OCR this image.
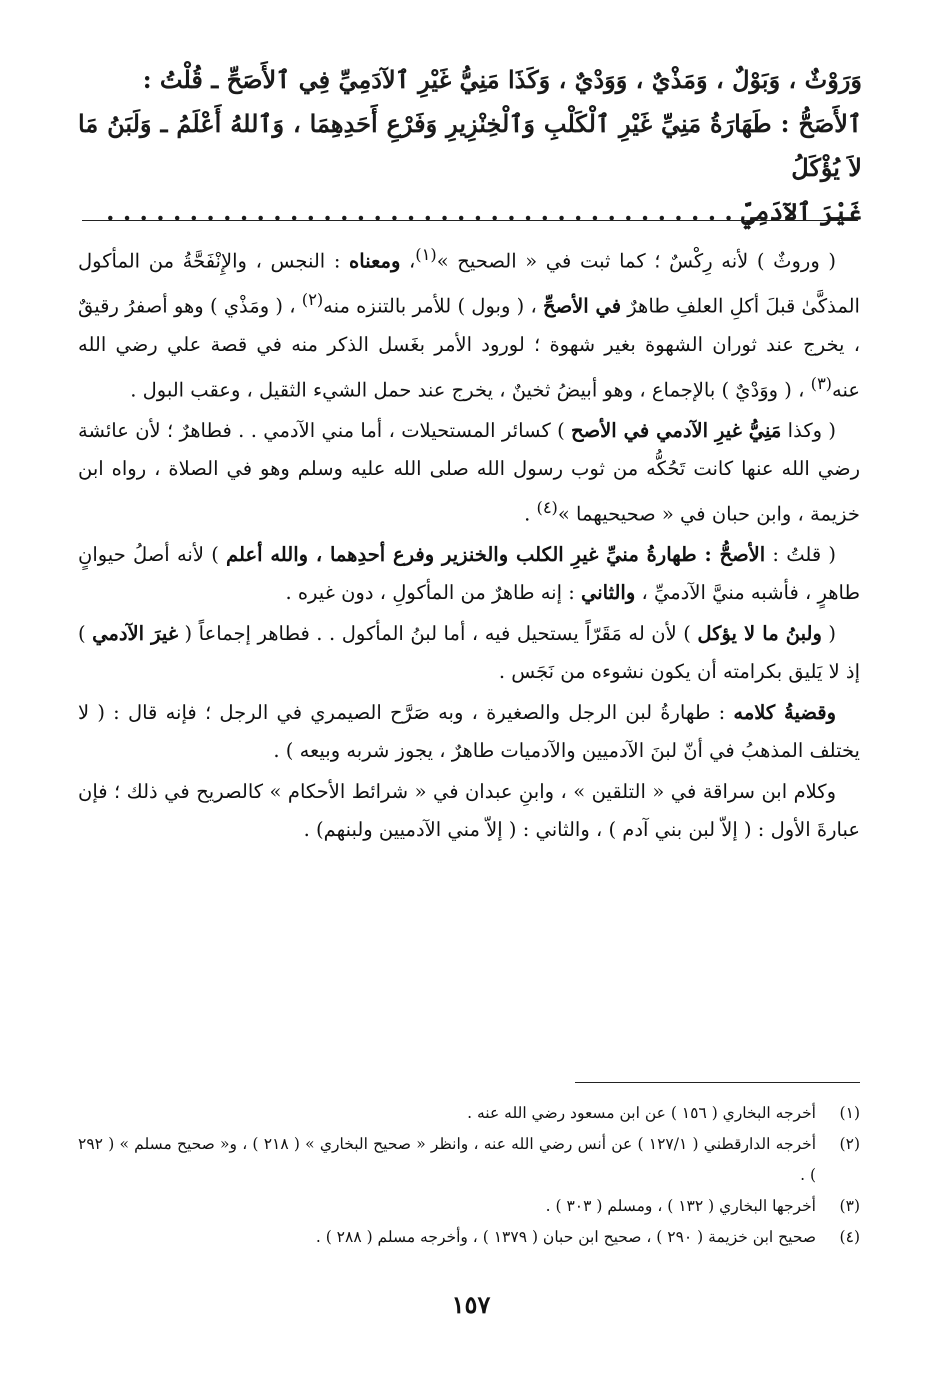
وَرَوْثٌ ، وَبَوْلٌ ، وَمَذْيٌ ، وَوَدْيٌ ، وَكَذَا مَنِيُّ غَيْرِ ٱلآدَمِيِّ فِي ٱلأَصَحِّ ـ قُلْتُ :

ٱلأَصَحُّ : طَهَارَةُ مَنِيِّ غَيْرِ ٱلْكَلْبِ وَٱلْخِنْزِيرِ وَفَرْعِ أَحَدِهِمَا ، وَٱللهُ أَعْلَمُ ـ وَلَبَنُ مَا لاَ يُؤْكَلُ

غَيْرَ ٱلآدَمِيِّ . . . . . . . . . . . . . . . . . . . . . . . . . . . . . . . . . . . . . .

( وروثٌ ) لأنه رِكْسٌ ؛ كما ثبت في « الصحيح »$^{(١)}$، ومعناه : النجس ، والإِنْفَحَّةُ من المأكول المذكَّىٰ قبلَ أكلِ العلفِ طاهرٌ في الأصحِّ ، ( وبول ) للأمر بالتنزه منه$^{(٢)}$ ، ( ومَذْي ) وهو أصفرُ رقيقٌ ، يخرج عند ثوران الشهوة بغير شهوة ؛ لورود الأمر بغَسل الذكر منه في قصة علي رضي الله عنه$^{(٣)}$ ، ( ووَدْيٌ ) بالإجماع ، وهو أبيضُ ثخينٌ ، يخرج عند حمل الشيء الثقيل ، وعقب البول .

( وكذا مَنِيُّ غيرِ الآدمي في الأصح ) كسائر المستحيلات ، أما مني الآدمي . . فطاهرٌ ؛ لأن عائشة رضي الله عنها كانت تَحُكُّه من ثوب رسول الله صلى الله عليه وسلم وهو في الصلاة ، رواه ابن خزيمة ، وابن حبان في « صحيحيهما »$^{(٤)}$ .

( قلتُ : الأصحُّ : طهارةُ منيِّ غيرِ الكلب والخنزير وفرع أحدِهما ، والله أعلم ) لأنه أصلُ حيوانٍ طاهرٍ ، فأشبه منيَّ الآدميِّ ، والثاني : إنه طاهرٌ من المأكولِ ، دون غيره .

( ولبنُ ما لا يؤكل ) لأن له مَقَرّاً يستحيل فيه ، أما لبنُ المأكول . . فطاهر إجماعاً ( غيرَ الآدمي ) إذ لا يَليق بكرامته أن يكون نشوءه من نَجَس .

وقضيةُ كلامه : طهارةُ لبن الرجل والصغيرة ، وبه صَرَّح الصيمري في الرجل ؛ فإنه قال : ( لا يختلف المذهبُ في أنّ لبنَ الآدميين والآدميات طاهرٌ ، يجوز شربه وبيعه ) .

وكلام ابن سراقة في « التلقين » ، وابنِ عبدان في « شرائط الأحكام » كالصريح في ذلك ؛ فإن عبارةَ الأول : ( إلاّ لبن بني آدم ) ، والثاني : ( إلاّ مني الآدميين ولبنهم) .

(١)
أخرجه البخاري ( ١٥٦ ) عن ابن مسعود رضي الله عنه .
(٢)
أخرجه الدارقطني ( ١٢٧/١ ) عن أنس رضي الله عنه ، وانظر « صحيح البخاري » ( ٢١٨ ) ، و« صحيح مسلم » ( ٢٩٢ ) .
(٣)
أخرجها البخاري ( ١٣٢ ) ، ومسلم ( ٣٠٣ ) .
(٤)
صحيح ابن خزيمة ( ٢٩٠ ) ، صحيح ابن حبان ( ١٣٧٩ ) ، وأخرجه مسلم ( ٢٨٨ ) .
١٥٧
